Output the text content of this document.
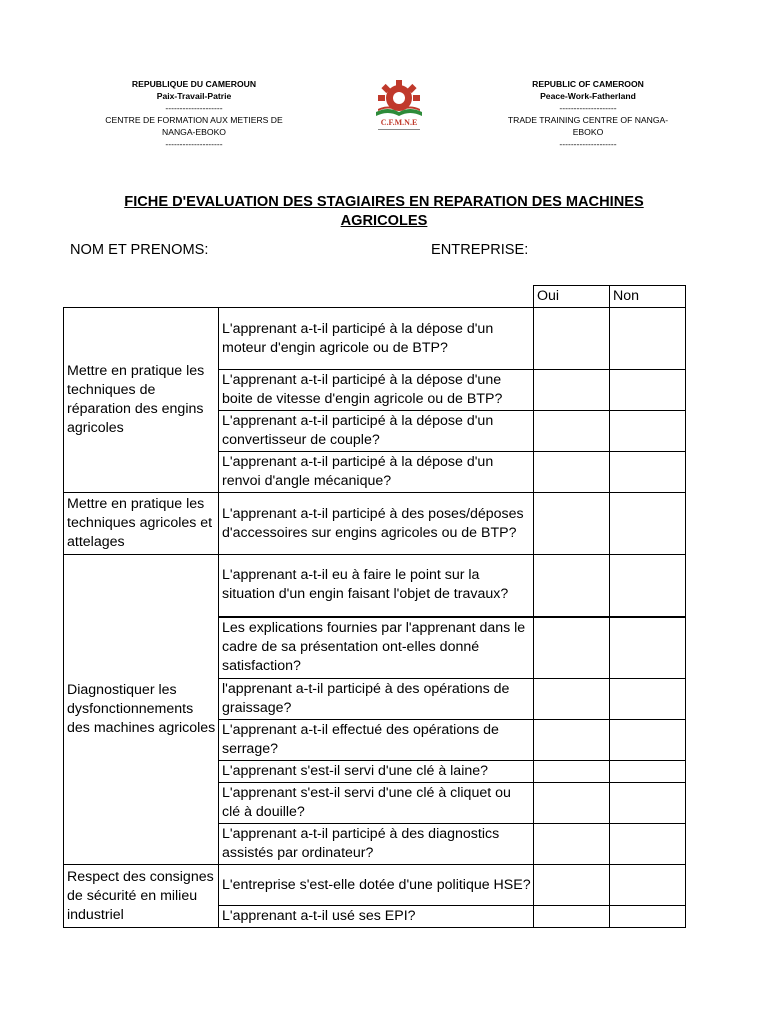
REPUBLIQUE DU CAMEROUN
Paix-Travail-Patrie
--------------------
CENTRE DE FORMATION AUX METIERS DE
NANGA-EBOKO
--------------------
C.F.M.N.E
REPUBLIC OF CAMEROON
Peace-Work-Fatherland
--------------------
TRADE TRAINING CENTRE OF NANGA-
EBOKO
--------------------
FICHE D'EVALUATION DES STAGIAIRES EN REPARATION DES MACHINES
AGRICOLES
NOM ET PRENOMS:	ENTREPRISE:
		Oui	Non
Mettre en pratique les techniques de réparation des engins agricoles	L'apprenant a-t-il participé à la dépose d'un moteur d'engin agricole ou de BTP?		
	L'apprenant a-t-il participé à la dépose d'une boite de vitesse d'engin agricole ou de BTP?		
	L'apprenant a-t-il participé à la dépose d'un convertisseur de couple?		
	L'apprenant a-t-il participé à la dépose d'un renvoi d'angle mécanique?		
Mettre en pratique les techniques agricoles et attelages	L'apprenant a-t-il participé à des poses/déposes d'accessoires sur engins agricoles ou de BTP?		
Diagnostiquer les dysfonctionnements des machines agricoles	L'apprenant a-t-il eu à faire le point sur la situation d'un engin faisant l'objet de travaux?		
	Les explications fournies par l'apprenant dans le cadre de sa présentation ont-elles donné satisfaction?		
	l'apprenant a-t-il participé à des opérations de graissage?		
	L'apprenant a-t-il effectué des opérations de serrage?		
	L'apprenant s'est-il servi d'une clé à laine?		
	L'apprenant s'est-il servi d'une clé à cliquet ou clé à douille?		
	L'apprenant a-t-il participé à des diagnostics assistés par ordinateur?		
Respect des consignes de sécurité en milieu industriel	L'entreprise s'est-elle dotée d'une politique HSE?		
	L'apprenant a-t-il usé ses EPI?		
